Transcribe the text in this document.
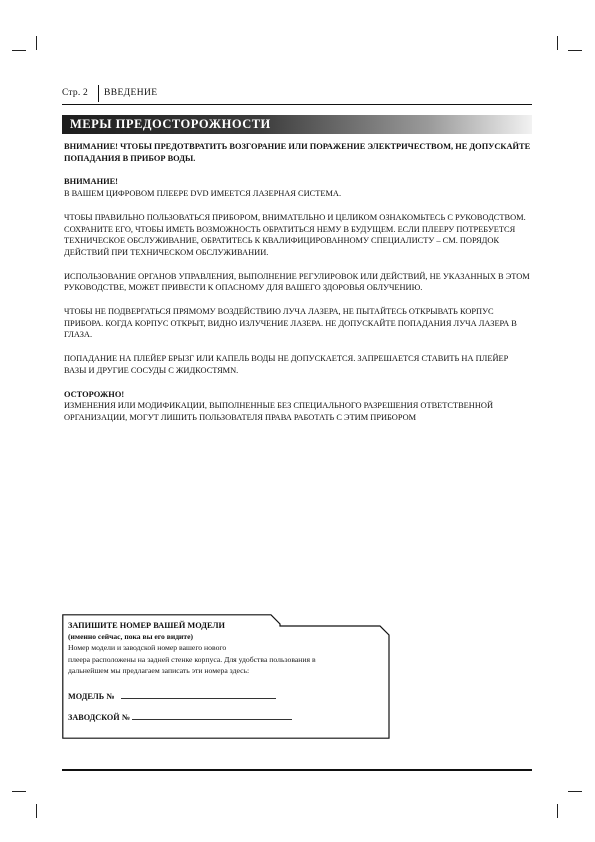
Стр. 2 ВВЕДЕНИЕ
МЕРЫ ПРЕДОСТОРОЖНОСТИ

ВНИМАНИЕ! ЧТОБЫ ПРЕДОТВРАТИТЬ ВОЗГОРАНИЕ ИЛИ ПОРАЖЕНИЕ ЭЛЕКТРИЧЕСТВОМ, НЕ ДОПУСКАЙТЕ ПОПАДАНИЯ В ПРИБОР ВОДЫ.

ВНИМАНИЕ!

В ВАШЕМ ЦИФРОВОМ ПЛЕЕРЕ DVD ИМЕЕТСЯ ЛАЗЕРНАЯ СИСТЕМА.

ЧТОБЫ ПРАВИЛЬНО ПОЛЬЗОВАТЬСЯ ПРИБОРОМ, ВНИМАТЕЛЬНО И ЦЕЛИКОМ ОЗНАКОМЬТЕСЬ С РУКОВОДСТВОМ. СОХРАНИТЕ ЕГО, ЧТОБЫ ИМЕТЬ ВОЗМОЖНОСТЬ ОБРАТИТЬСЯ НЕМУ В БУДУЩЕМ. ЕСЛИ ПЛЕЕРУ ПОТРЕБУЕТСЯ ТЕХНИЧЕСКОЕ ОБСЛУЖИВАНИЕ, ОБРАТИТЕСЬ К КВАЛИФИЦИРОВАННОМУ СПЕЦИАЛИСТУ – СМ. ПОРЯДОК ДЕЙСТВИЙ ПРИ ТЕХНИЧЕСКОМ ОБСЛУЖИВАНИИ.

ИСПОЛЬЗОВАНИЕ ОРГАНОВ УПРАВЛЕНИЯ, ВЫПОЛНЕНИЕ РЕГУЛИРОВОК ИЛИ ДЕЙСТВИЙ, НЕ УКАЗАННЫХ В ЭТОМ РУКОВОДСТВЕ, МОЖЕТ ПРИВЕСТИ К ОПАСНОМУ ДЛЯ ВАШЕГО ЗДОРОВЬЯ ОБЛУЧЕНИЮ.

ЧТОБЫ НЕ ПОДВЕРГАТЬСЯ ПРЯМОМУ ВОЗДЕЙСТВИЮ ЛУЧА ЛАЗЕРА, НЕ ПЫТАЙТЕСЬ ОТКРЫВАТЬ КОРПУС ПРИБОРА. КОГДА КОРПУС ОТКРЫТ, ВИДНО ИЗЛУЧЕНИЕ ЛАЗЕРА. НЕ ДОПУСКАЙТЕ ПОПАДАНИЯ ЛУЧА ЛАЗЕРА В ГЛАЗА.

ПОПАДАНИЕ НА ПЛЕЙЕР БРЫЗГ ИЛИ КАПЕЛЬ ВОДЫ НЕ ДОПУСКАЕТСЯ. ЗАПРЕШАЕТСЯ СТАВИТЬ НА ПЛЕЙЕР ВАЗЫ И ДРУГИЕ СОСУДЫ С ЖИДКОСТЯМN.

ОСТОРОЖНО!

ИЗМЕНЕНИЯ ИЛИ МОДИФИКАЦИИ, ВЫПОЛНЕННЫЕ БЕЗ СПЕЦИАЛЬНОГО РАЗРЕШЕНИЯ ОТВЕТСТВЕННОЙ ОРГАНИЗАЦИИ, МОГУТ ЛИШИТЬ ПОЛЬЗОВАТЕЛЯ ПРАВА РАБОТАТЬ С ЭТИМ ПРИБОРОМ

ЗАПИШИТЕ НОМЕР ВАШЕЙ МОДЕЛИ
(именно сейчас, пока вы его видите)
Номер модели и заводской номер вашего нового
плеера расположены на задней стенке корпуса. Для удобства пользования в
дальнейшем мы предлагаем записать эти номера здесь:
МОДЕЛЬ №
ЗАВОДСКОЙ №
